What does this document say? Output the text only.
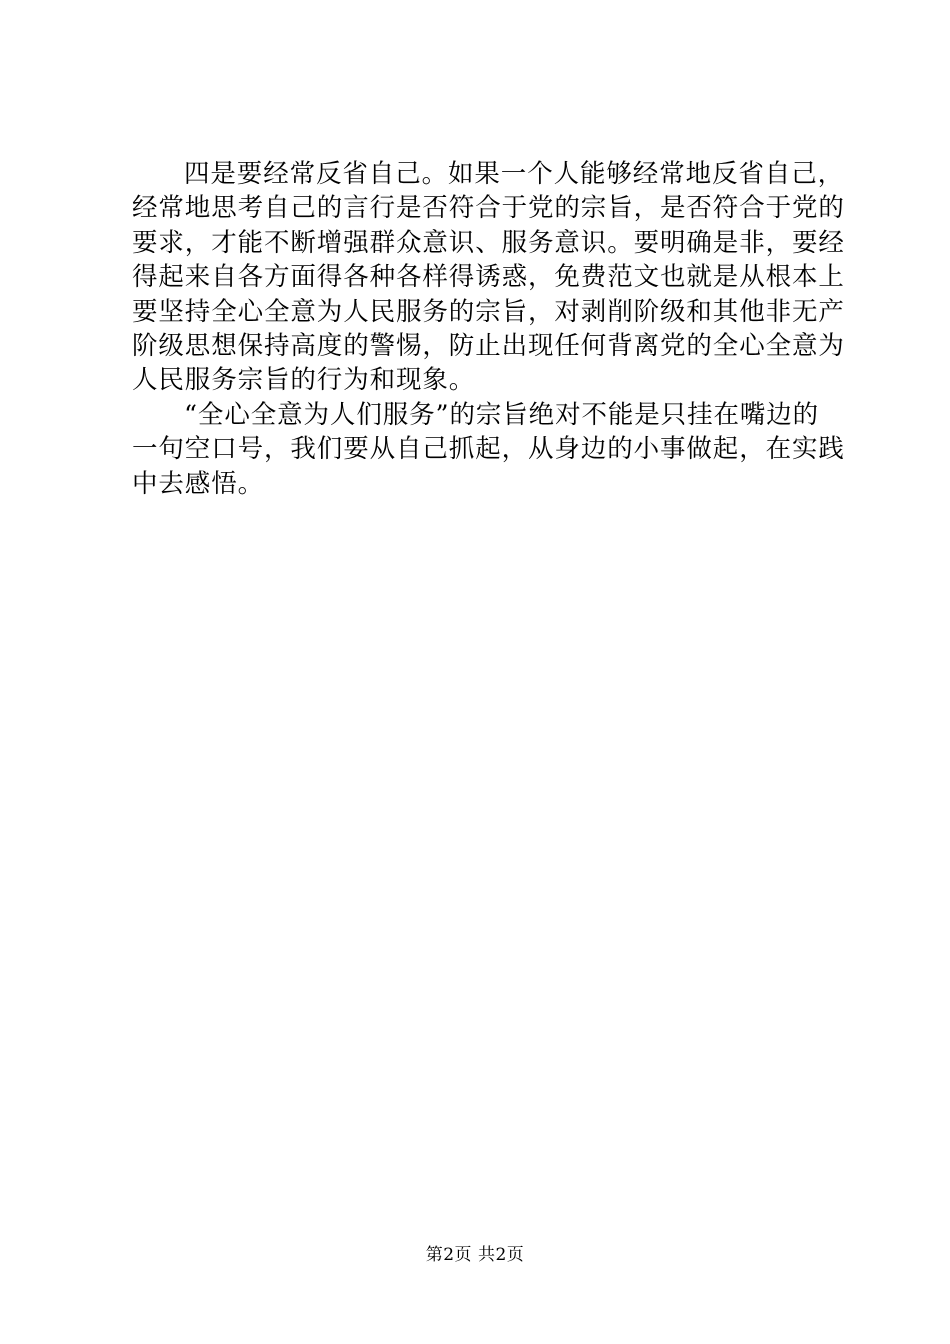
四是要经常反省自己。如果一个人能够经常地反省自己，
经常地思考自己的言行是否符合于党的宗旨，是否符合于党的
要求，才能不断增强群众意识、服务意识。要明确是非，要经
得起来自各方面得各种各样得诱惑，免费范文也就是从根本上
要坚持全心全意为人民服务的宗旨，对剥削阶级和其他非无产
阶级思想保持高度的警惕，防止出现任何背离党的全心全意为
人民服务宗旨的行为和现象。
“全心全意为人们服务”的宗旨绝对不能是只挂在嘴边的
一句空口号，我们要从自己抓起，从身边的小事做起，在实践
中去感悟。
第2页 共2页
